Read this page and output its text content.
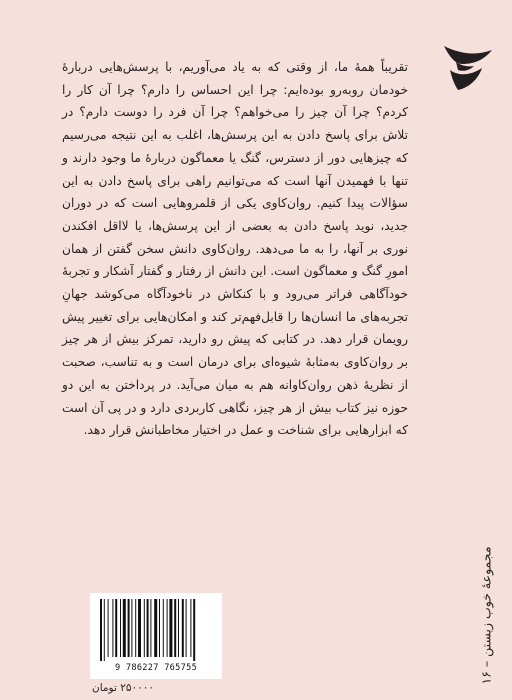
تقریباً همهٔ ما، از وقتی که به یاد می‌آوریم، با پرسش‌هایی دربارهٔ خودمان روبه‌رو بوده‌ایم: چرا این احساس را دارم؟ چرا آن کار را کردم؟ چرا آن چیز را می‌خواهم؟ چرا آن فرد را دوست دارم؟ در تلاش برای پاسخ دادن به این پرسش‌ها، اغلب به این نتیجه می‌رسیم که چیزهایی دور از دسترس، گنگ یا معماگون دربارهٔ ما وجود دارند و تنها با فهمیدن آنها است که می‌توانیم راهی برای پاسخ دادن به این سؤالات پیدا کنیم. روان‌کاوی یکی از قلمروهایی است که در دوران جدید، نوید پاسخ دادن به بعضی از این پرسش‌ها، یا لااقل افکندن نوری بر آنها، را به ما می‌دهد. روان‌کاوی دانش سخن گفتن از همان امورِ گنگ و معماگون است. این دانش از رفتار و گفتار آشکار و تجربهٔ خودآگاهی فراتر می‌رود و با کنکاش در ناخودآگاه می‌کوشد جهانِ تجربه‌های ما انسان‌ها را قابل‌فهم‌تر کند و امکان‌هایی برای تغییر پیش رویمان قرار دهد. در کتابی که پیش رو دارید، تمرکز بیش از هر چیز بر روان‌کاوی به‌مثابهٔ شیوه‌ای برای درمان است و به تناسب، صحبت از نظریهٔ ذهن روان‌کاوانه هم به میان می‌آید. در پرداختن به این دو حوزه نیز کتاب بیش از هر چیز، نگاهی کاربردی دارد و در پی آن است که ابزارهایی برای شناخت و عمل در اختیار مخاطبانش قرار دهد.

مجموعهٔ خوب زیستن – ۱۶
9 786227 765755
۲۵۰۰۰۰ تومان
